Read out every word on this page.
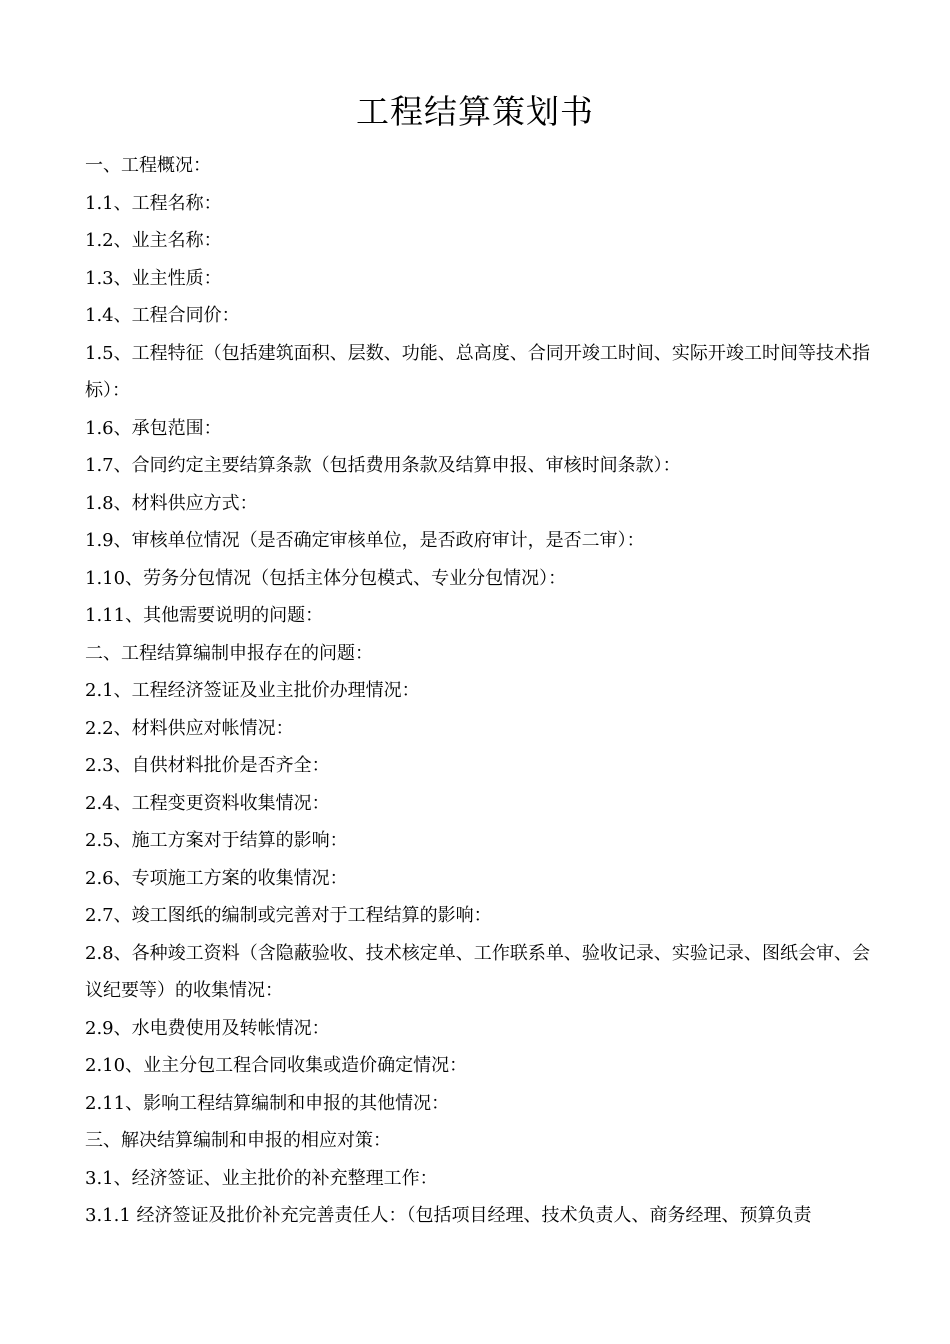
工程结算策划书
一、工程概况：
1.1、工程名称：
1.2、业主名称：
1.3、业主性质：
1.4、工程合同价：
1.5、工程特征（包括建筑面积、层数、功能、总高度、合同开竣工时间、实际开竣工时间等技术指标）：
1.6、承包范围：
1.7、合同约定主要结算条款（包括费用条款及结算申报、审核时间条款）：
1.8、材料供应方式：
1.9、审核单位情况（是否确定审核单位，是否政府审计，是否二审）：
1.10、劳务分包情况（包括主体分包模式、专业分包情况）：
1.11、其他需要说明的问题：
二、工程结算编制申报存在的问题：
2.1、工程经济签证及业主批价办理情况：
2.2、材料供应对帐情况：
2.3、自供材料批价是否齐全：
2.4、工程变更资料收集情况：
2.5、施工方案对于结算的影响：
2.6、专项施工方案的收集情况：
2.7、竣工图纸的编制或完善对于工程结算的影响：
2.8、各种竣工资料（含隐蔽验收、技术核定单、工作联系单、验收记录、实验记录、图纸会审、会议纪要等）的收集情况：
2.9、水电费使用及转帐情况：
2.10、业主分包工程合同收集或造价确定情况：
2.11、影响工程结算编制和申报的其他情况：
三、解决结算编制和申报的相应对策：
3.1、经济签证、业主批价的补充整理工作：
3.1.1 经济签证及批价补充完善责任人：（包括项目经理、技术负责人、商务经理、预算负责
